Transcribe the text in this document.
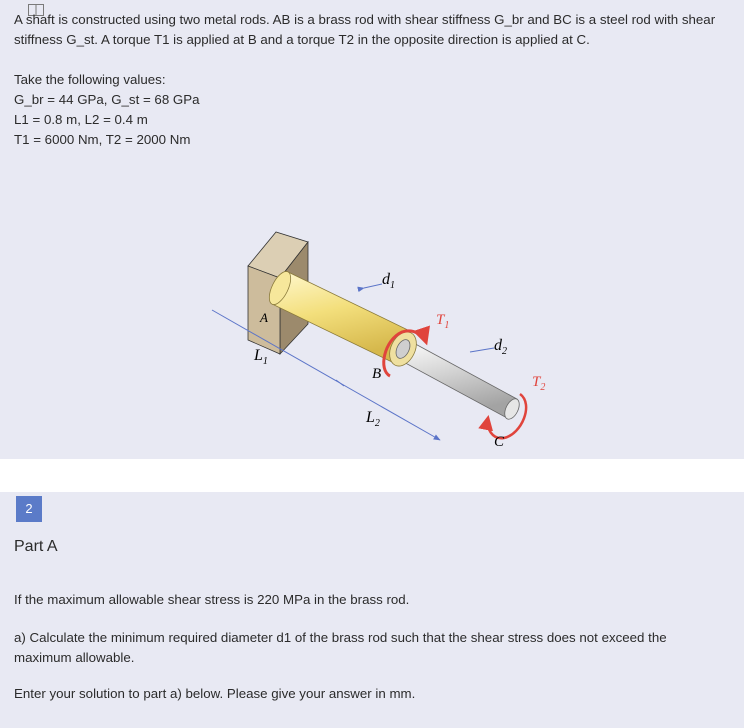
A shaft is constructed using two metal rods. AB is a brass rod with shear stiffness G_br and BC is a steel rod with shear stiffness G_st. A torque T1 is applied at B and a torque T2 in the opposite direction is applied at C.

Take the following values:

G_br = 44 GPa, G_st = 68 GPa

L1 = 0.8 m, L2 = 0.4 m

T1 = 6000 Nm, T2 = 2000 Nm

A
B
C
$d_1$
$d_2$
$T_1$
$T_2$
$L_1$
$L_2$
2
Part A

If the maximum allowable shear stress is 220 MPa in the brass rod.

a) Calculate the minimum required diameter d1 of the brass rod such that the shear stress does not exceed the maximum allowable.

Enter your solution to part a) below. Please give your answer in mm.
